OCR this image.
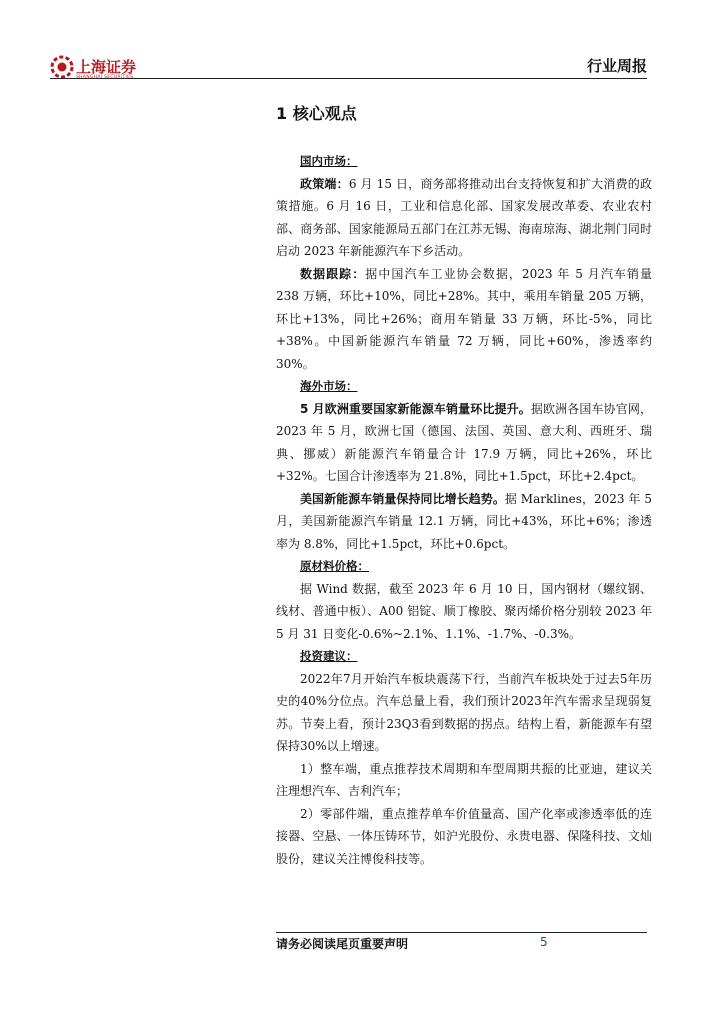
上海证券
SHANGHAI SECURITIES
行业周报
1 核心观点

国内市场：

政策端：6 月 15 日，商务部将推动出台支持恢复和扩大消费的政策措施。6 月 16 日，工业和信息化部、国家发展改革委、农业农村部、商务部、国家能源局五部门在江苏无锡、海南琼海、湖北荆门同时启动 2023 年新能源汽车下乡活动。

数据跟踪：据中国汽车工业协会数据，2023 年 5 月汽车销量 238 万辆，环比+10%，同比+28%。其中，乘用车销量 205 万辆，环比+13%，同比+26%；商用车销量 33 万辆，环比-5%，同比+38%。中国新能源汽车销量 72 万辆，同比+60%，渗透率约 30%。

海外市场：

5 月欧洲重要国家新能源车销量环比提升。据欧洲各国车协官网，2023 年 5 月，欧洲七国（德国、法国、英国、意大利、西班牙、瑞典、挪威）新能源汽车销量合计 17.9 万辆，同比+26%，环比+32%。七国合计渗透率为 21.8%，同比+1.5pct，环比+2.4pct。

美国新能源车销量保持同比增长趋势。据 Marklines，2023 年 5 月，美国新能源汽车销量 12.1 万辆，同比+43%，环比+6%；渗透率为 8.8%，同比+1.5pct，环比+0.6pct。

原材料价格：

据 Wind 数据，截至 2023 年 6 月 10 日，国内钢材（螺纹钢、线材、普通中板）、A00 铝锭、顺丁橡胶、聚丙烯价格分别较 2023 年 5 月 31 日变化-0.6%~2.1%、1.1%、-1.7%、-0.3%。

投资建议：

2022年7月开始汽车板块震荡下行，当前汽车板块处于过去5年历史的40%分位点。汽车总量上看，我们预计2023年汽车需求呈现弱复苏。节奏上看，预计23Q3看到数据的拐点。结构上看，新能源车有望保持30%以上增速。

1）整车端，重点推荐技术周期和车型周期共振的比亚迪，建议关注理想汽车、吉利汽车；

2）零部件端，重点推荐单车价值量高、国产化率或渗透率低的连接器、空悬、一体压铸环节，如沪光股份、永贵电器、保隆科技、文灿股份，建议关注博俊科技等。

请务必阅读尾页重要声明	5
